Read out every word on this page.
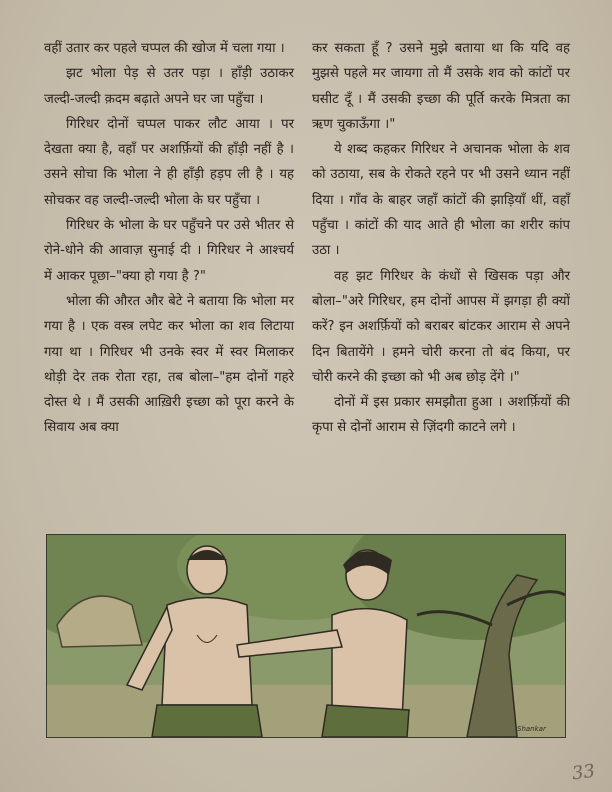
वहीं उतार कर पहले चप्पल की खोज में चला गया ।

झट भोला पेड़ से उतर पड़ा । हाँड़ी उठाकर जल्दी-जल्दी क़दम बढ़ाते अपने घर जा पहुँचा ।

गिरिधर दोनों चप्पल पाकर लौट आया । पर देखता क्या है, वहाँ पर अशर्फ़ियों की हाँड़ी नहीं है । उसने सोचा कि भोला ने ही हाँड़ी हड़प ली है । यह सोचकर वह जल्दी-जल्दी भोला के घर पहुँचा ।

गिरिधर के भोला के घर पहुँचने पर उसे भीतर से रोने-धोने की आवाज़ सुनाई दी । गिरिधर ने आश्चर्य में आकर पूछा–"क्या हो गया है ?"

भोला की औरत और बेटे ने बताया कि भोला मर गया है । एक वस्त्र लपेट कर भोला का शव लिटाया गया था । गिरिधर भी उनके स्वर में स्वर मिलाकर थोड़ी देर तक रोता रहा, तब बोला–"हम दोनों गहरे दोस्त थे । मैं उसकी आख़िरी इच्छा को पूरा करने के सिवाय अब क्या

कर सकता हूँ ? उसने मुझे बताया था कि यदि वह मुझसे पहले मर जायगा तो मैं उसके शव को कांटों पर घसीट दूँ । मैं उसकी इच्छा की पूर्ति करके मित्रता का ऋण चुकाऊँगा ।"

ये शब्द कहकर गिरिधर ने अचानक भोला के शव को उठाया, सब के रोकते रहने पर भी उसने ध्यान नहीं दिया । गाँव के बाहर जहाँ कांटों की झाड़ियाँ थीं, वहाँ पहुँचा । कांटों की याद आते ही भोला का शरीर कांप उठा ।

वह झट गिरिधर के कंधों से खिसक पड़ा और बोला–"अरे गिरिधर, हम दोनों आपस में झगड़ा ही क्यों करें? इन अशर्फ़ियों को बराबर बांटकर आराम से अपने दिन बितायेंगे । हमने चोरी करना तो बंद किया, पर चोरी करने की इच्छा को भी अब छोड़ देंगे ।"

दोनों में इस प्रकार समझौता हुआ । अशर्फ़ियों की कृपा से दोनों आराम से ज़िंदगी काटने लगे ।

Shankar
33
